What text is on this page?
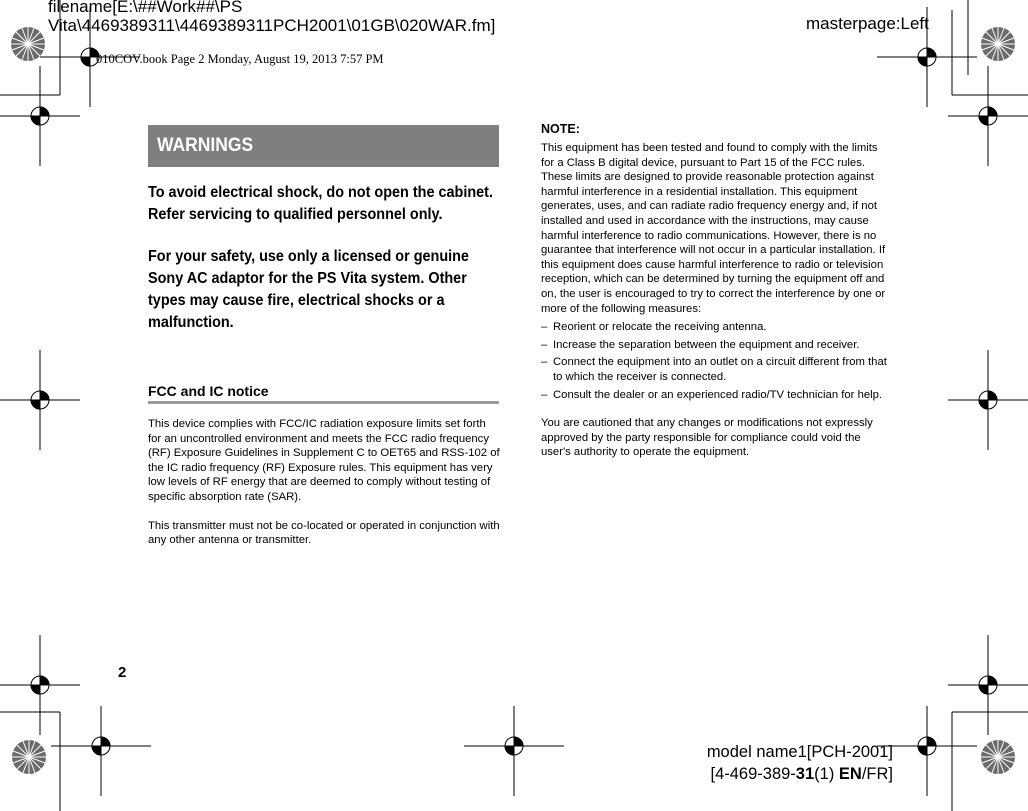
filename[E:\##Work##\PS
Vita\4469389311\4469389311PCH2001\01GB\020WAR.fm]	masterpage:Left
010COV.book Page 2 Monday, August 19, 2013 7:57 PM
WARNINGS

To avoid electrical shock, do not open the cabinet. Refer servicing to qualified personnel only.

For your safety, use only a licensed or genuine Sony AC adaptor for the PS Vita system. Other types may cause fire, electrical shocks or a malfunction.

FCC and IC notice

This device complies with FCC/IC radiation exposure limits set forth for an uncontrolled environment and meets the FCC radio frequency (RF) Exposure Guidelines in Supplement C to OET65 and RSS-102 of the IC radio frequency (RF) Exposure rules. This equipment has very low levels of RF energy that are deemed to comply without testing of specific absorption rate (SAR).

This transmitter must not be co-located or operated in conjunction with any other antenna or transmitter.

NOTE:

This equipment has been tested and found to comply with the limits for a Class B digital device, pursuant to Part 15 of the FCC rules. These limits are designed to provide reasonable protection against harmful interference in a residential installation. This equipment generates, uses, and can radiate radio frequency energy and, if not installed and used in accordance with the instructions, may cause harmful interference to radio communications. However, there is no guarantee that interference will not occur in a particular installation. If this equipment does cause harmful interference to radio or television reception, which can be determined by turning the equipment off and on, the user is encouraged to try to correct the interference by one or more of the following measures:

– Reorient or relocate the receiving antenna.
– Increase the separation between the equipment and receiver.
– Connect the equipment into an outlet on a circuit different from that to which the receiver is connected.
– Consult the dealer or an experienced radio/TV technician for help.

You are cautioned that any changes or modifications not expressly approved by the party responsible for compliance could void the user's authority to operate the equipment.

2
model name1[PCH-2001]
[4-469-389-31(1) EN/FR]
